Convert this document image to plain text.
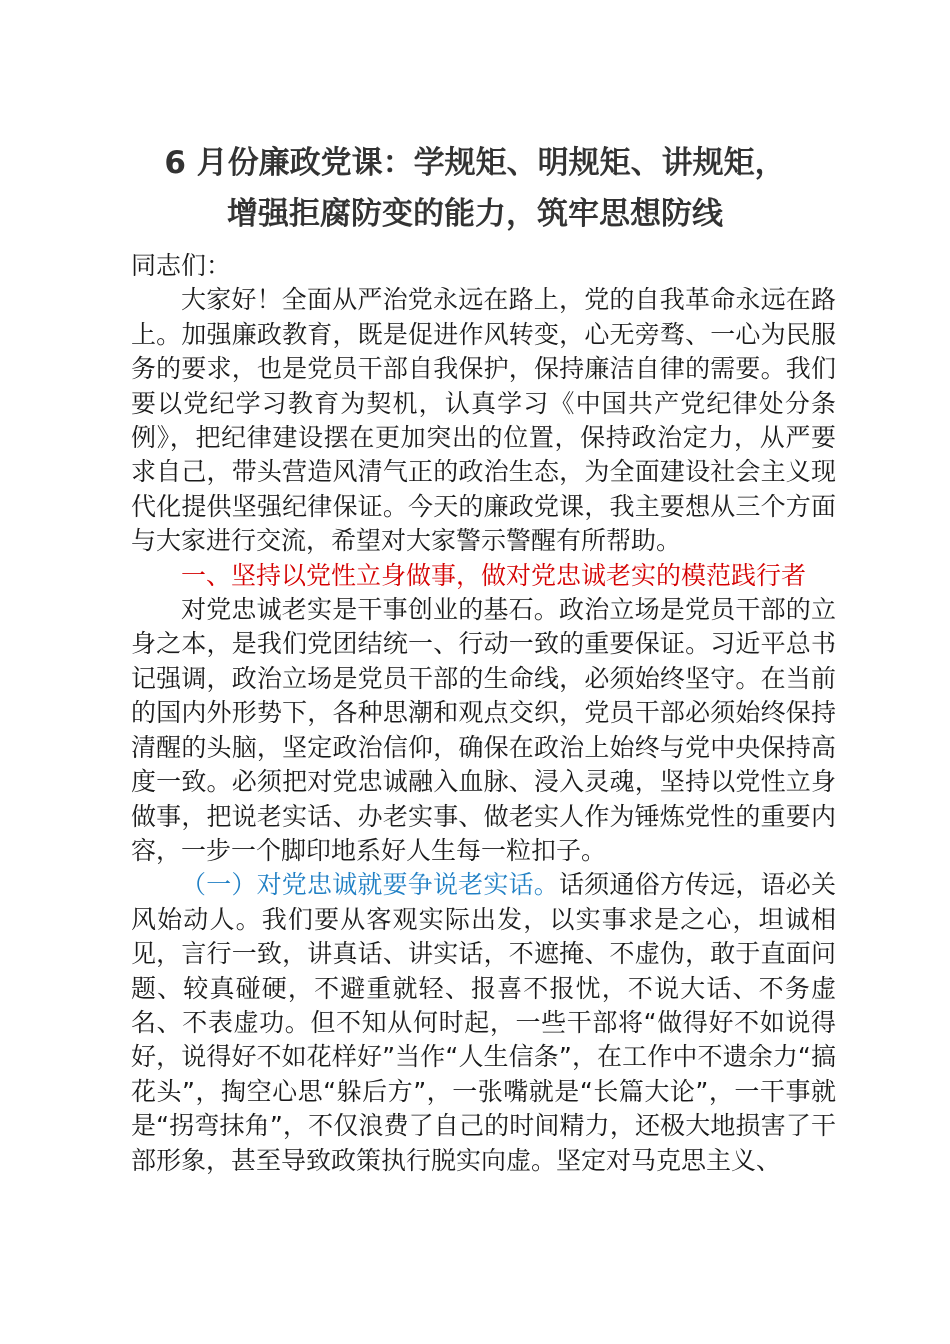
6 月份廉政党课：学规矩、明规矩、讲规矩，
增强拒腐防变的能力，筑牢思想防线

同志们：

大家好！全面从严治党永远在路上，党的自我革命永远在路上。加强廉政教育，既是促进作风转变，心无旁骛、一心为民服务的要求，也是党员干部自我保护，保持廉洁自律的需要。我们要以党纪学习教育为契机，认真学习《中国共产党纪律处分条例》，把纪律建设摆在更加突出的位置，保持政治定力，从严要求自己，带头营造风清气正的政治生态，为全面建设社会主义现代化提供坚强纪律保证。今天的廉政党课，我主要想从三个方面与大家进行交流，希望对大家警示警醒有所帮助。

一、坚持以党性立身做事，做对党忠诚老实的模范践行者

对党忠诚老实是干事创业的基石。政治立场是党员干部的立身之本，是我们党团结统一、行动一致的重要保证。习近平总书记强调，政治立场是党员干部的生命线，必须始终坚守。在当前的国内外形势下，各种思潮和观点交织，党员干部必须始终保持清醒的头脑，坚定政治信仰，确保在政治上始终与党中央保持高度一致。必须把对党忠诚融入血脉、浸入灵魂，坚持以党性立身做事，把说老实话、办老实事、做老实人作为锤炼党性的重要内容，一步一个脚印地系好人生每一粒扣子。

（一）对党忠诚就要争说老实话。话须通俗方传远，语必关风始动人。我们要从客观实际出发，以实事求是之心，坦诚相见，言行一致，讲真话、讲实话，不遮掩、不虚伪，敢于直面问题、较真碰硬，不避重就轻、报喜不报忧，不说大话、不务虚名、不表虚功。但不知从何时起，一些干部将“做得好不如说得好，说得好不如花样好”当作“人生信条”，在工作中不遗余力“搞花头”，掏空心思“躲后方”，一张嘴就是“长篇大论”，一干事就是“拐弯抹角”，不仅浪费了自己的时间精力，还极大地损害了干部形象，甚至导致政策执行脱实向虚。坚定对马克思主义、
